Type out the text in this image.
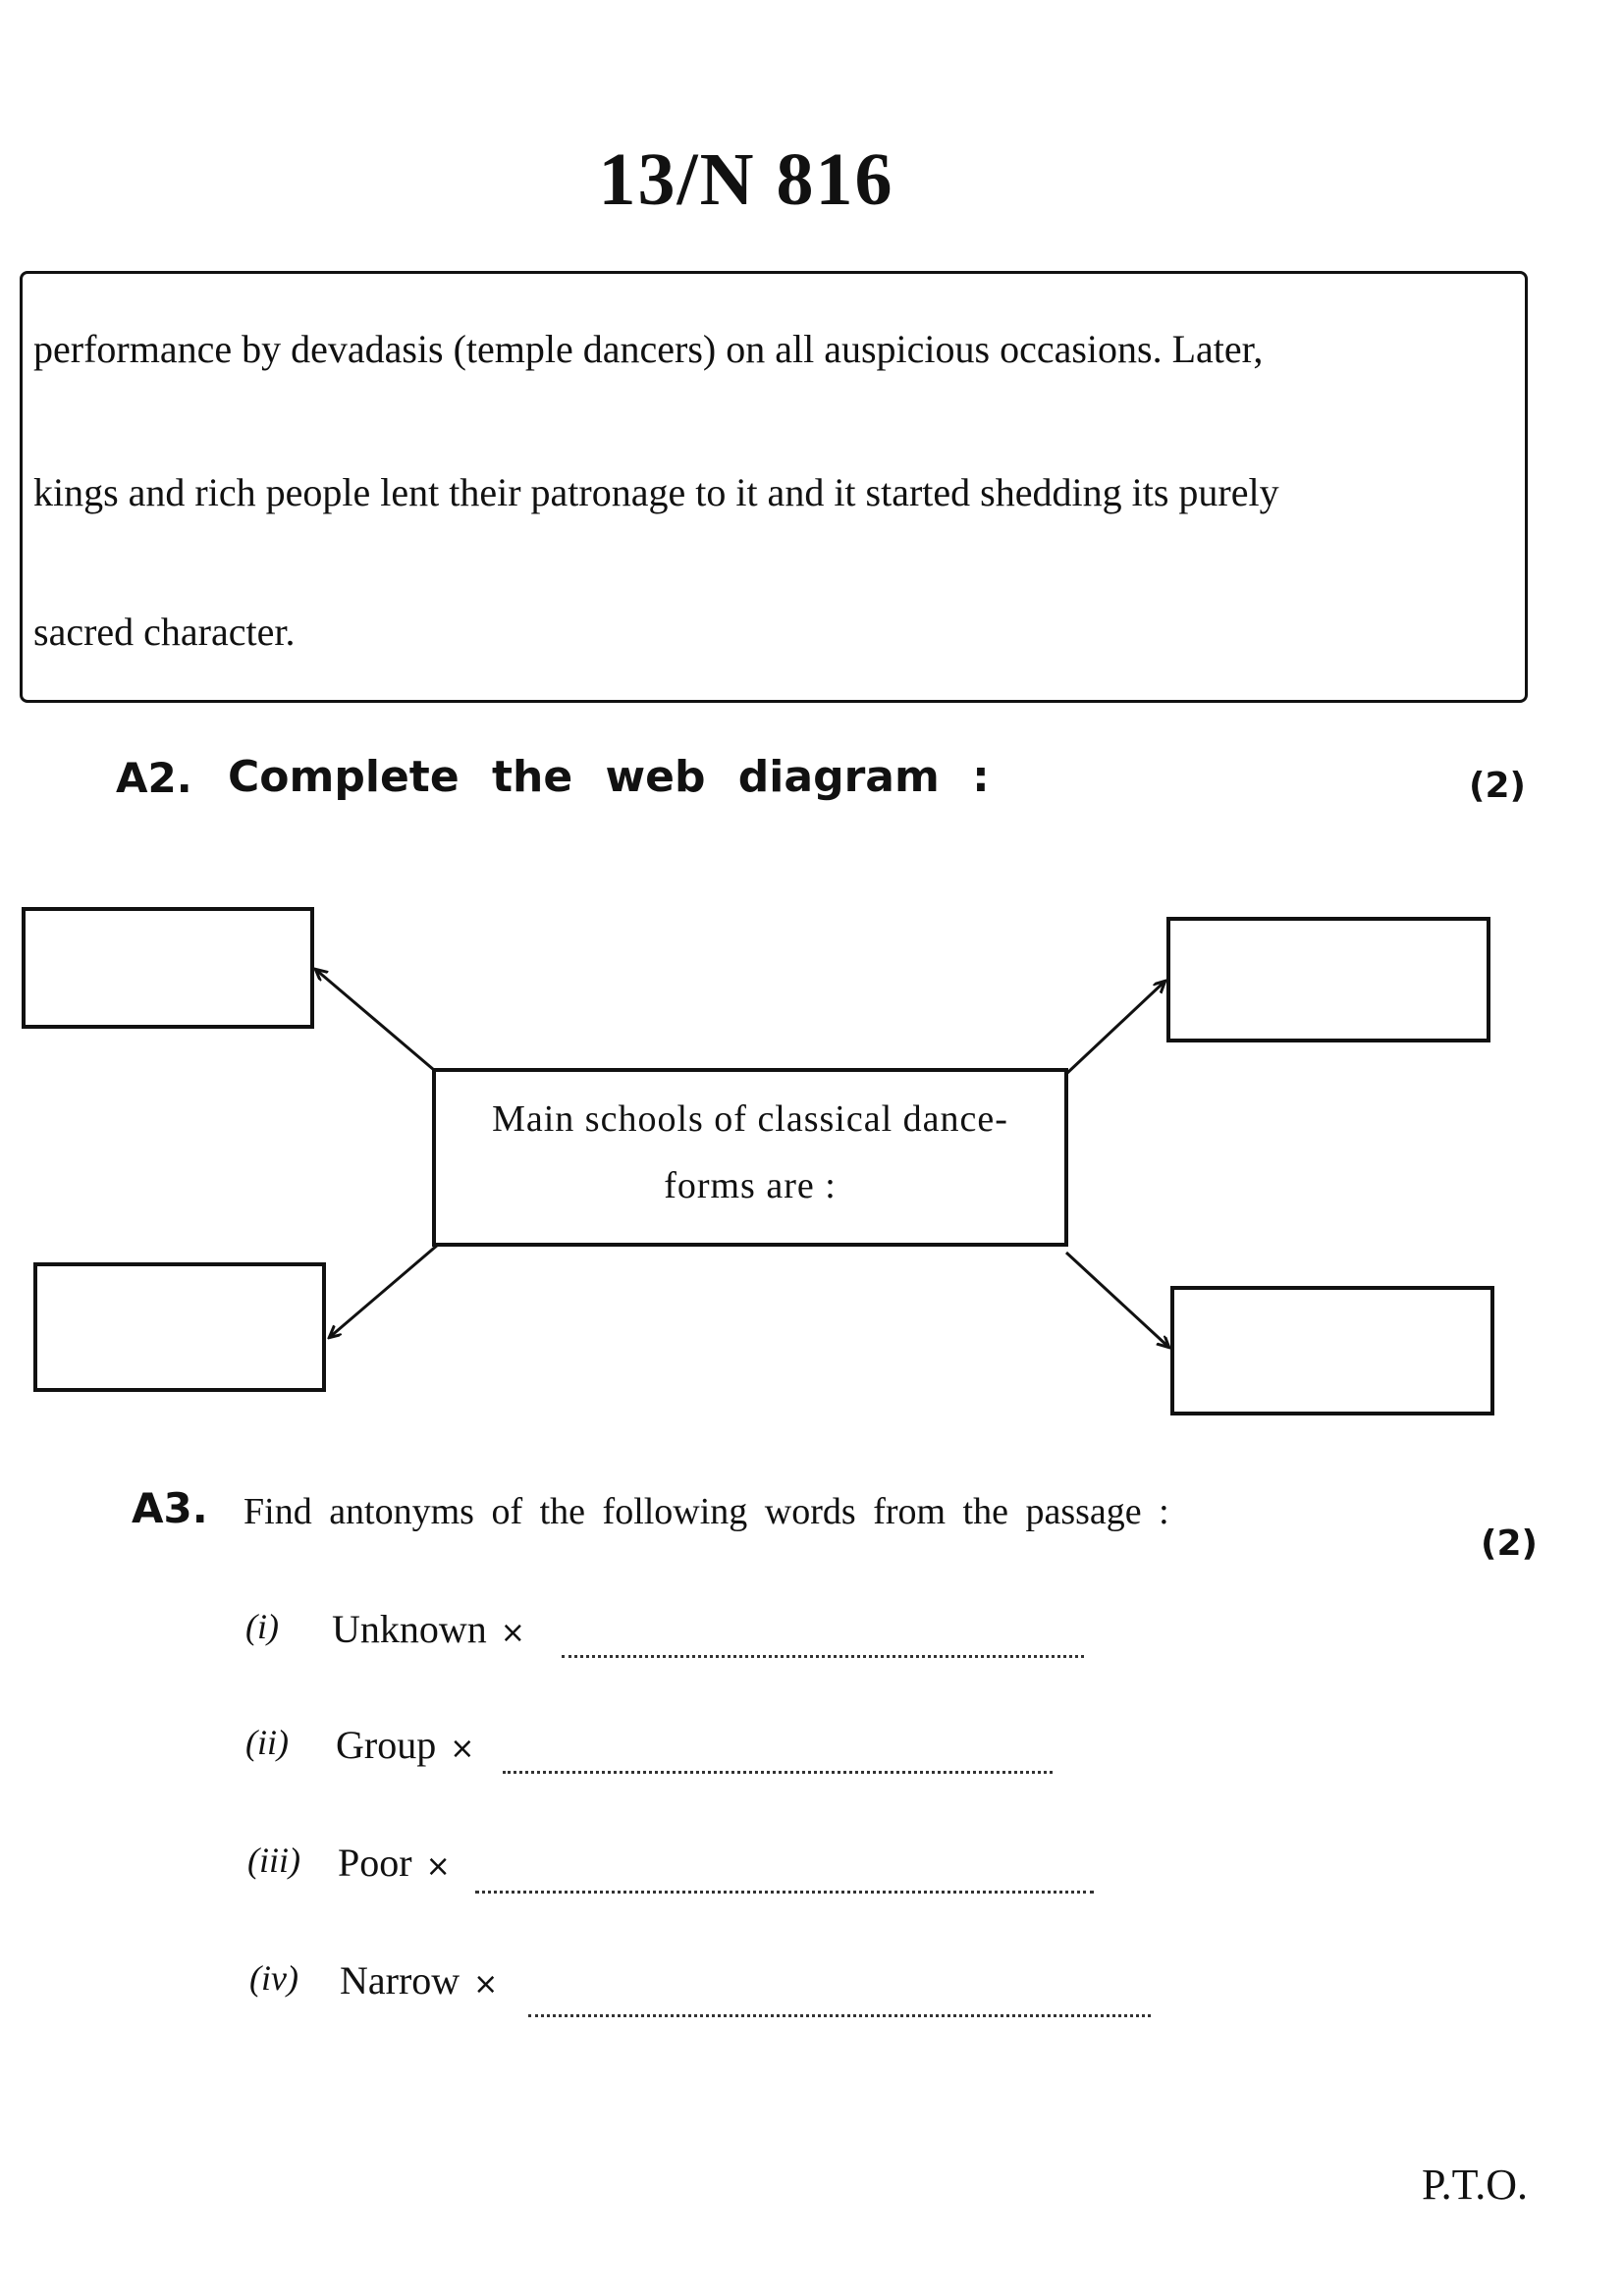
13/N 816
performance by devadasis (temple dancers) on all auspicious occasions. Later,
kings and rich people lent their patronage to it and it started shedding its purely
sacred character.
A2. Complete the web diagram :	(2)
Main schools of classical dance-
forms are :
A3. Find antonyms of the following words from the passage :
(2)
(i) Unknown ×
(ii) Group ×
(iii) Poor ×
(iv) Narrow ×
P.T.O.
